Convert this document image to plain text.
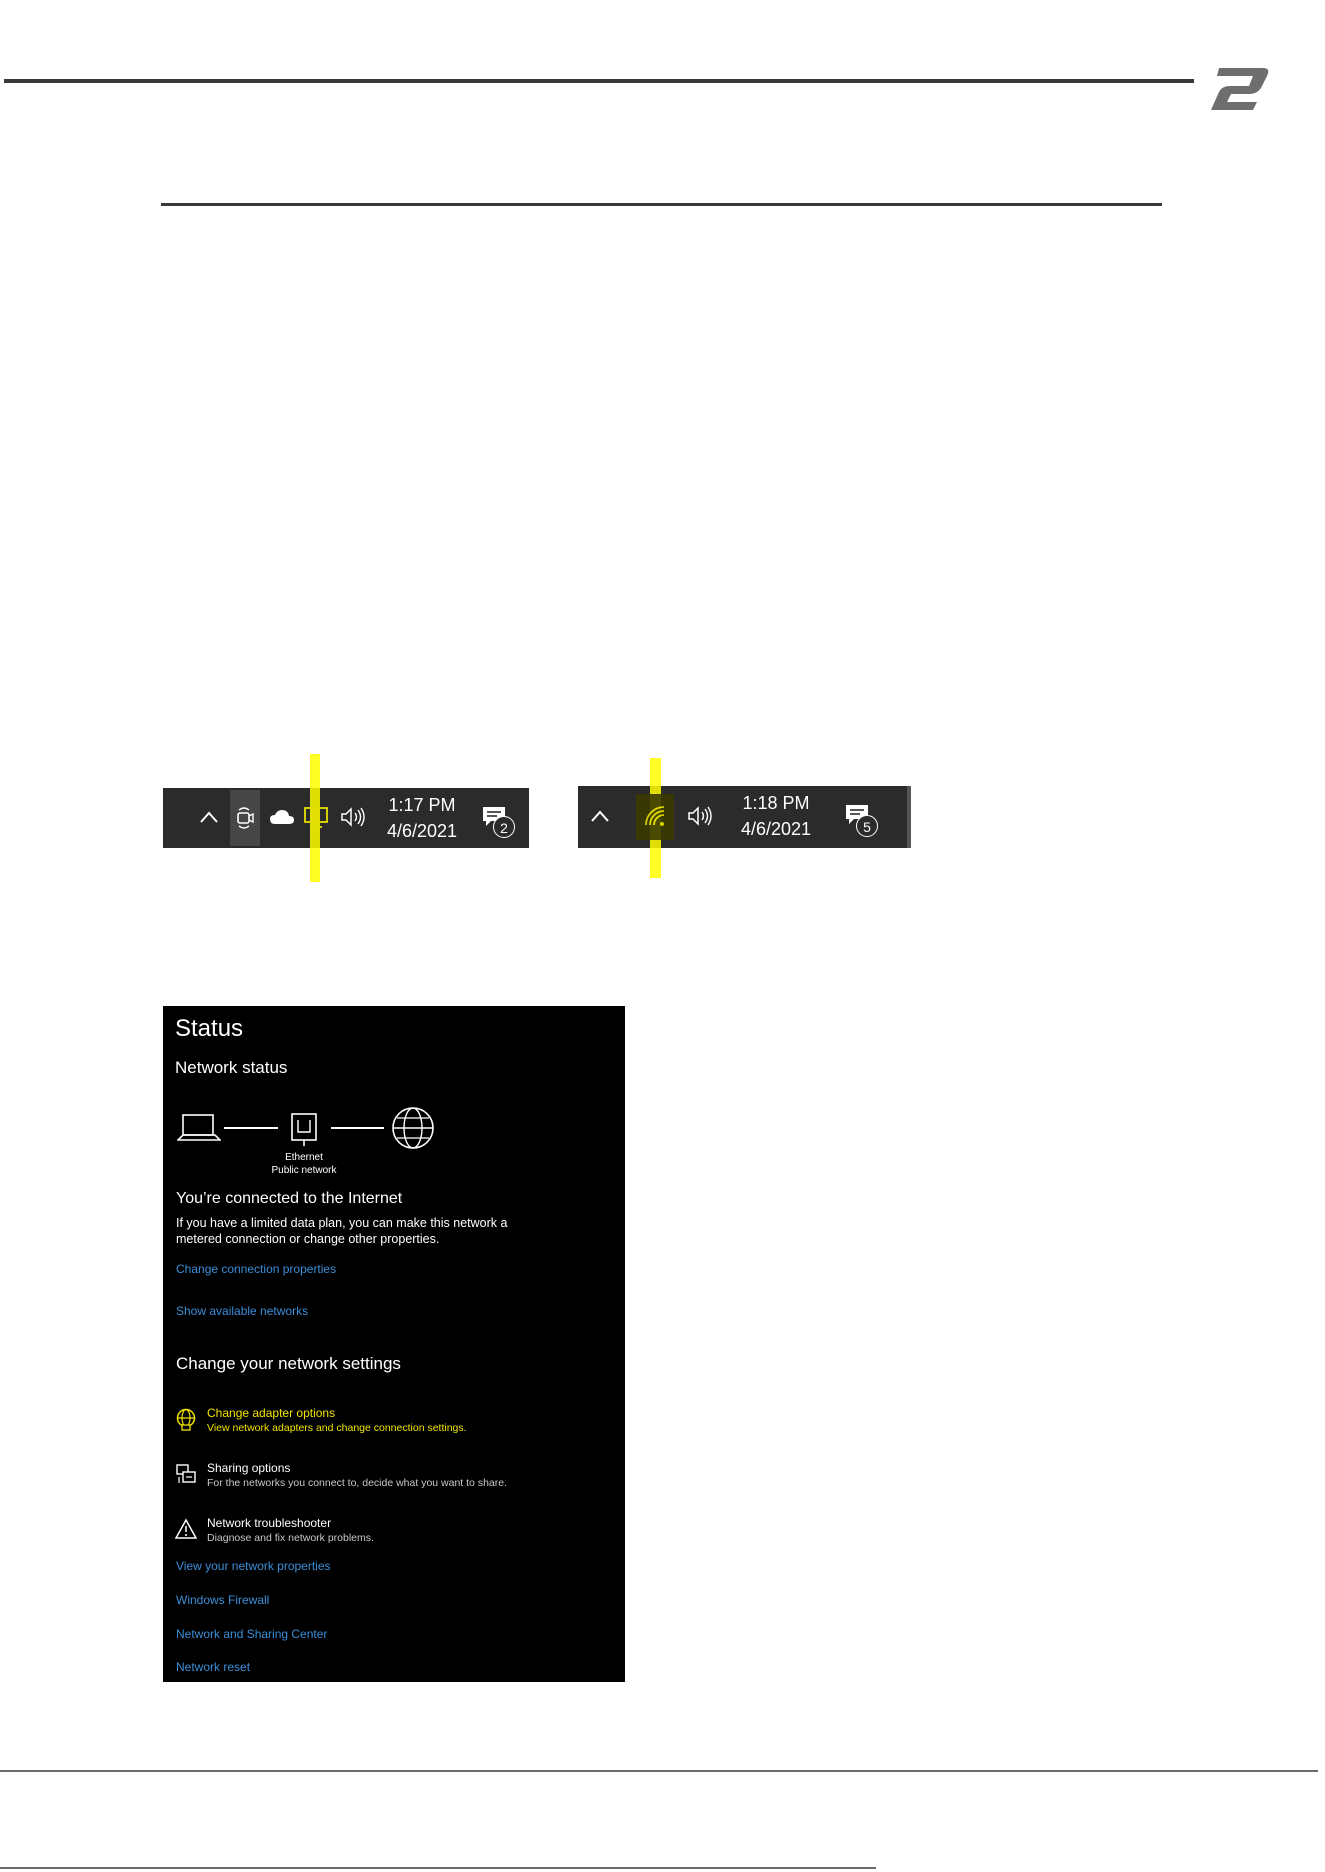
1:17 PM
4/6/2021	2
1:18 PM
4/6/2021	5
Status
Network status
Ethernet
Public network
You’re connected to the Internet
If you have a limited data plan, you can make this network a
metered connection or change other properties.
Change connection properties
Show available networks
Change your network settings
Change adapter options
View network adapters and change connection settings.
Sharing options
For the networks you connect to, decide what you want to share.
Network troubleshooter
Diagnose and fix network problems.
View your network properties
Windows Firewall
Network and Sharing Center
Network reset
